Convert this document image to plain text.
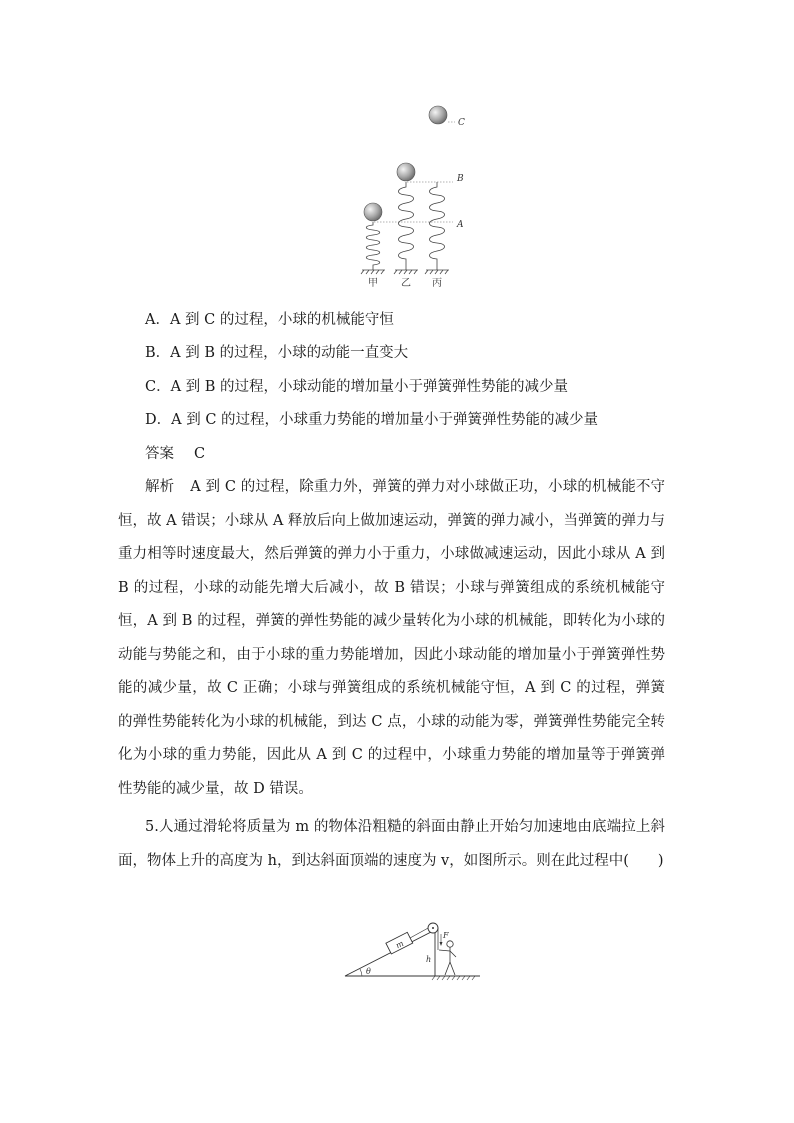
C
B
A
甲 乙 丙
A．A 到 C 的过程，小球的机械能守恒
B．A 到 B 的过程，小球的动能一直变大
C．A 到 B 的过程，小球动能的增加量小于弹簧弹性势能的减少量
D．A 到 C 的过程，小球重力势能的增加量小于弹簧弹性势能的减少量
答案 C
解析 A 到 C 的过程，除重力外，弹簧的弹力对小球做正功，小球的机械能不守恒，故 A 错误；小球从 A 释放后向上做加速运动，弹簧的弹力减小，当弹簧的弹力与重力相等时速度最大，然后弹簧的弹力小于重力，小球做减速运动，因此小球从 A 到 B 的过程，小球的动能先增大后减小，故 B 错误；小球与弹簧组成的系统机械能守恒，A 到 B 的过程，弹簧的弹性势能的减少量转化为小球的机械能，即转化为小球的动能与势能之和，由于小球的重力势能增加，因此小球动能的增加量小于弹簧弹性势能的减少量，故 C 正确；小球与弹簧组成的系统机械能守恒，A 到 C 的过程，弹簧的弹性势能转化为小球的机械能，到达 C 点，小球的动能为零，弹簧弹性势能完全转化为小球的重力势能，因此从 A 到 C 的过程中，小球重力势能的增加量等于弹簧弹性势能的减少量，故 D 错误。
5.人通过滑轮将质量为 m 的物体沿粗糙的斜面由静止开始匀加速地由底端拉上斜面，物体上升的高度为 h，到达斜面顶端的速度为 v，如图所示。则在此过程中(　　)
θ
m
F
h
